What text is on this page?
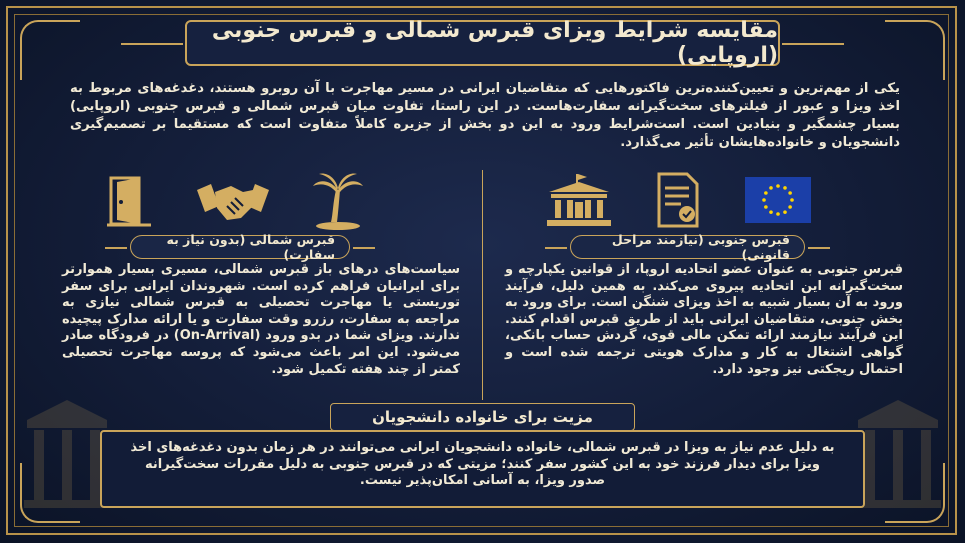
مقایسه شرایط ویزای قبرس شمالی و قبرس جنوبی (اروپایی)
یکی از مهم‌ترین و تعیین‌کننده‌ترین فاکتورهایی که متقاضیان ایرانی در مسیر مهاجرت با آن روبرو هستند، دغدغه‌های مربوط به اخذ ویزا و عبور از فیلترهای سخت‌گیرانه سفارت‌هاست. در این راستا، تفاوت میان قبرس شمالی و قبرس جنوبی (اروپایی) بسیار چشمگیر و بنیادین است. است‌شرایط ورود به این دو بخش از جزیره کاملاً متفاوت است که مستقیما بر تصمیم‌گیری دانشجویان و خانواده‌هایشان تأثیر می‌گذارد.
قبرس شمالی (بدون نیاز به سفارت)
قبرس جنوبی (نیازمند مراحل قانونی)
سیاست‌های درهای باز قبرس شمالی، مسیری بسیار هموارتر برای ایرانیان فراهم کرده است. شهروندان ایرانی برای سفر توریستی یا مهاجرت تحصیلی به قبرس شمالی نیازی به مراجعه به سفارت، رزرو وقت سفارت و یا ارائه مدارک پیچیده ندارند. ویزای شما در بدو ورود (On-Arrival) در فرودگاه صادر می‌شود. این امر باعث می‌شود که پروسه مهاجرت تحصیلی کمتر از چند هفته تکمیل شود.
قبرس جنوبی به عنوان عضو اتحادیه اروپا، از قوانین یکپارچه و سخت‌گیرانه این اتحادیه پیروی می‌کند. به همین دلیل، فرآیند ورود به آن بسیار شبیه به اخذ ویزای شنگن است. برای ورود به بخش جنوبی، متقاضیان ایرانی باید از طریق قبرس اقدام کنند. این فرآیند نیازمند ارائه تمکن مالی قوی، گردش حساب بانکی، گواهی اشتغال به کار و مدارک هویتی ترجمه شده است و احتمال ریجکتی نیز وجود دارد.
مزیت برای خانواده دانشجویان
به دلیل عدم نیاز به ویزا در قبرس شمالی، خانواده دانشجویان ایرانی می‌توانند در هر زمان بدون دغدغه‌های اخذ ویزا برای دیدار فرزند خود به این کشور سفر کنند؛ مزیتی که در قبرس جنوبی به دلیل مقررات سخت‌گیرانه صدور ویزا، به آسانی امکان‌پذیر نیست.
